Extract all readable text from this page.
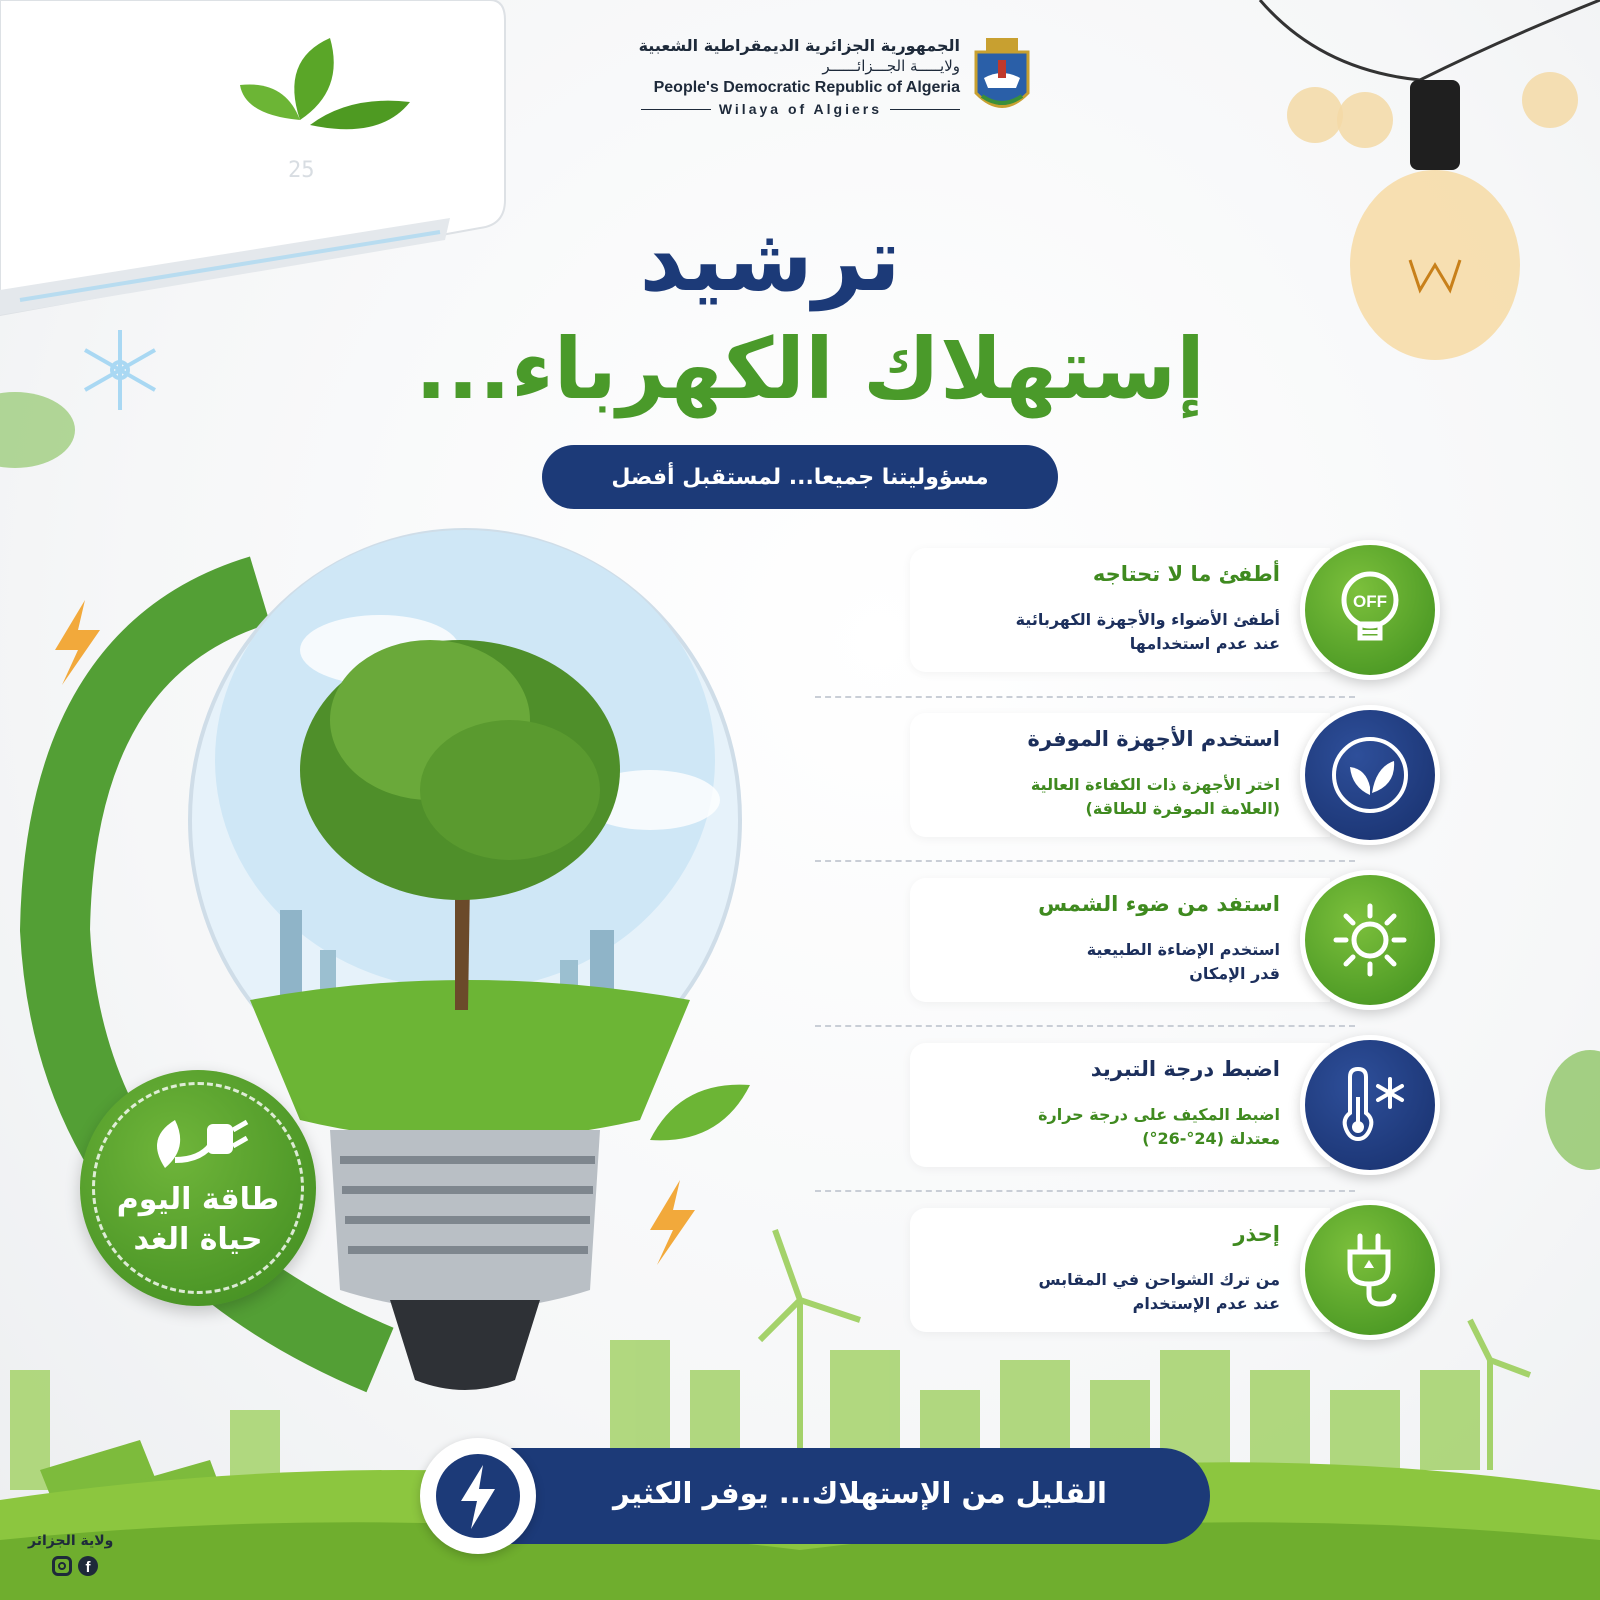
25
الجمهورية الجزائرية الديمقراطية الشعبية
ولايـــــة الجـــزائــــــر
People's Democratic Republic of Algeria
Wilaya of Algiers
ترشيد
إستهلاك الكهرباء...
مسؤوليتنا جميعا... لمستقبل أفضل
أطفئ ما لا تحتاجه
أطفئ الأضواء والأجهزة الكهربائية
عند عدم استخدامها
OFF
استخدم الأجهزة الموفرة
اختر الأجهزة ذات الكفاءة العالية
(العلامة الموفرة للطاقة)
استفد من ضوء الشمس
استخدم الإضاءة الطبيعية
قدر الإمكان
اضبط درجة التبريد
اضبط المكيف على درجة حرارة
معتدلة (24°-26°)
إحذر
من ترك الشواحن في المقابس
عند عدم الإستخدام
طاقة اليوم
حياة الغد
القليل من الإستهلاك... يوفر الكثير
ولاية الجزائر
f
